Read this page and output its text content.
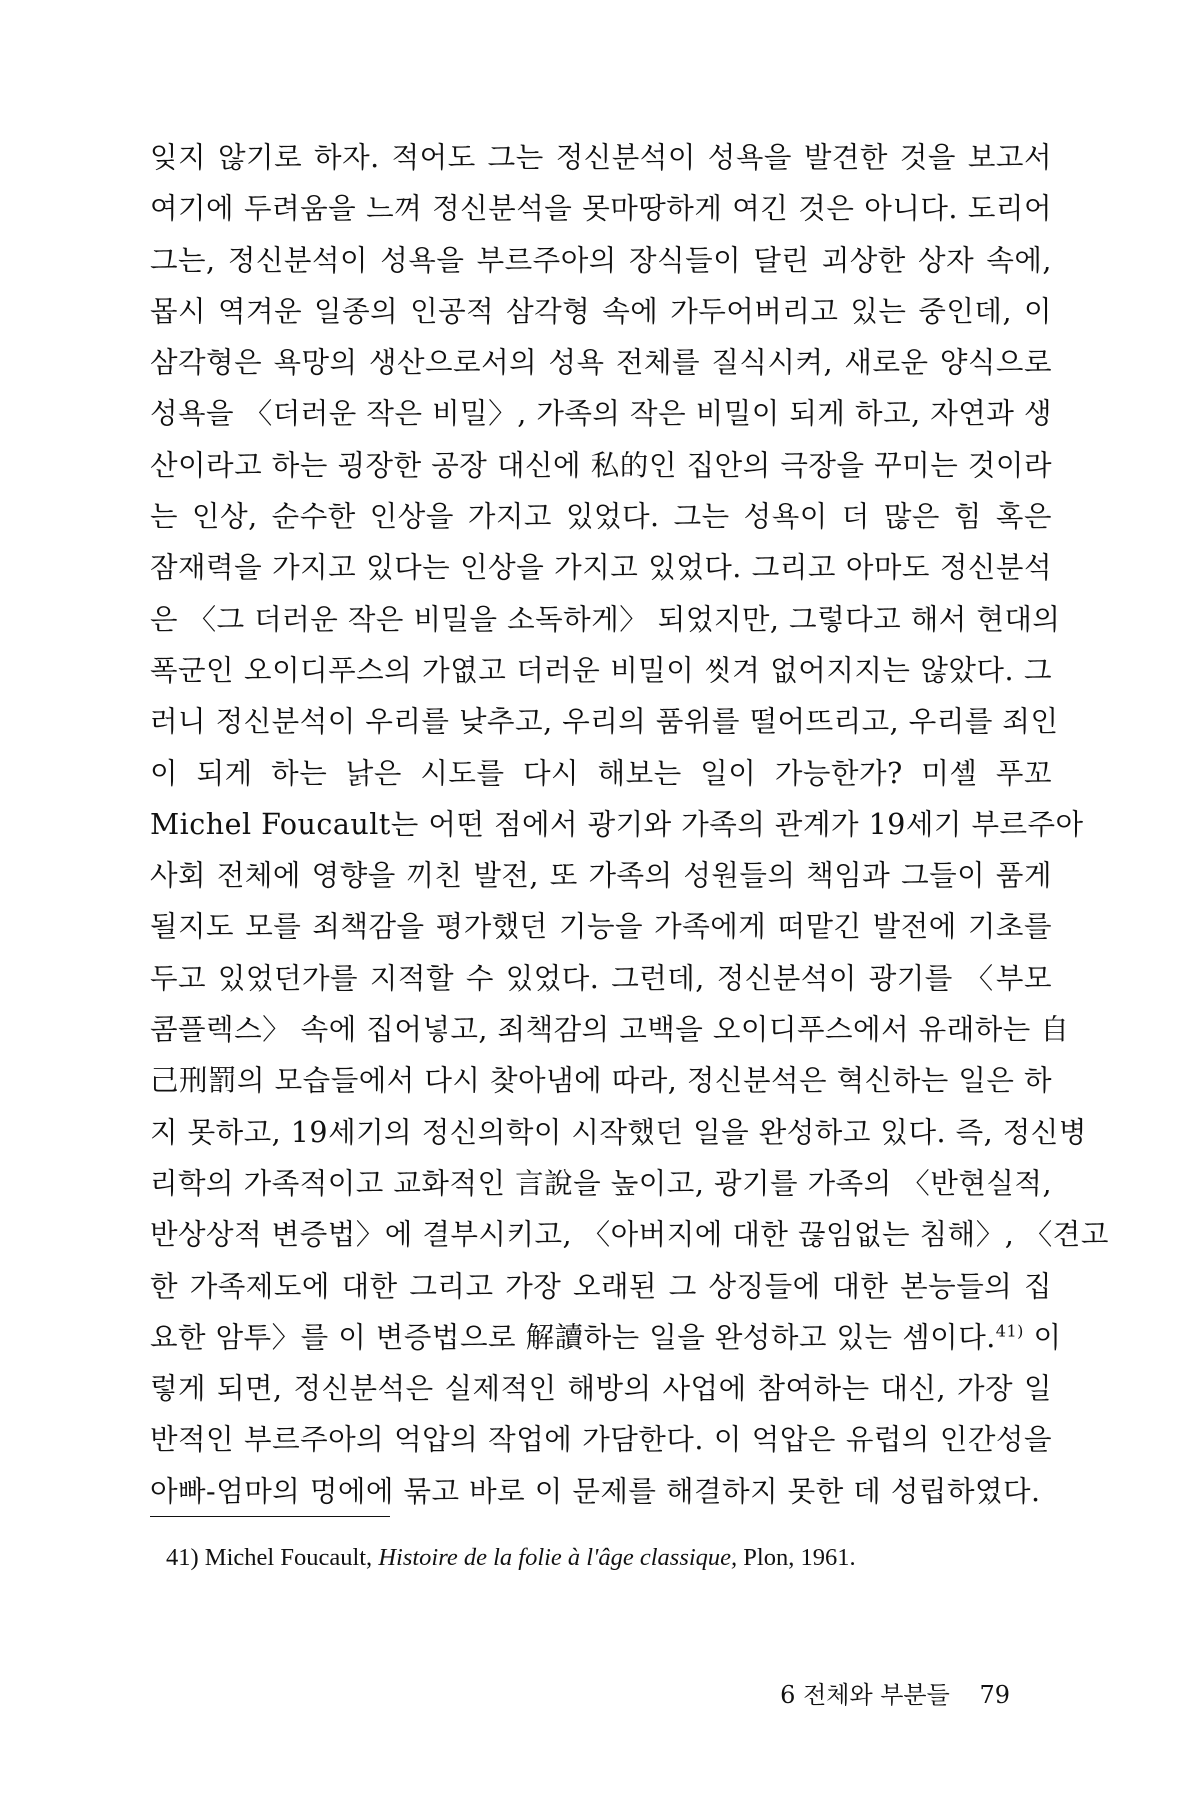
잊지 않기로 하자. 적어도 그는 정신분석이 성욕을 발견한 것을 보고서
여기에 두려움을 느껴 정신분석을 못마땅하게 여긴 것은 아니다. 도리어
그는, 정신분석이 성욕을 부르주아의 장식들이 달린 괴상한 상자 속에,
몹시 역겨운 일종의 인공적 삼각형 속에 가두어버리고 있는 중인데, 이
삼각형은 욕망의 생산으로서의 성욕 전체를 질식시켜, 새로운 양식으로
성욕을 〈더러운 작은 비밀〉, 가족의 작은 비밀이 되게 하고, 자연과 생
산이라고 하는 굉장한 공장 대신에 私的인 집안의 극장을 꾸미는 것이라
는 인상, 순수한 인상을 가지고 있었다. 그는 성욕이 더 많은 힘 혹은
잠재력을 가지고 있다는 인상을 가지고 있었다. 그리고 아마도 정신분석
은 〈그 더러운 작은 비밀을 소독하게〉 되었지만, 그렇다고 해서 현대의
폭군인 오이디푸스의 가엾고 더러운 비밀이 씻겨 없어지지는 않았다. 그
러니 정신분석이 우리를 낮추고, 우리의 품위를 떨어뜨리고, 우리를 죄인
이 되게 하는 낡은 시도를 다시 해보는 일이 가능한가? 미셸 푸꼬
Michel Foucault는 어떤 점에서 광기와 가족의 관계가 19세기 부르주아
사회 전체에 영향을 끼친 발전, 또 가족의 성원들의 책임과 그들이 품게
될지도 모를 죄책감을 평가했던 기능을 가족에게 떠맡긴 발전에 기초를
두고 있었던가를 지적할 수 있었다. 그런데, 정신분석이 광기를 〈부모
콤플렉스〉 속에 집어넣고, 죄책감의 고백을 오이디푸스에서 유래하는 自
己刑罰의 모습들에서 다시 찾아냄에 따라, 정신분석은 혁신하는 일은 하
지 못하고, 19세기의 정신의학이 시작했던 일을 완성하고 있다. 즉, 정신병
리학의 가족적이고 교화적인 言說을 높이고, 광기를 가족의 〈반현실적,
반상상적 변증법〉에 결부시키고, 〈아버지에 대한 끊임없는 침해〉, 〈견고
한 가족제도에 대한 그리고 가장 오래된 그 상징들에 대한 본능들의 집
요한 암투〉를 이 변증법으로 解讀하는 일을 완성하고 있는 셈이다.$^{41)}$ 이
렇게 되면, 정신분석은 실제적인 해방의 사업에 참여하는 대신, 가장 일
반적인 부르주아의 억압의 작업에 가담한다. 이 억압은 유럽의 인간성을
아빠-엄마의 멍에에 묶고 바로 이 문제를 해결하지 못한 데 성립하였다.
41) Michel Foucault, Histoire de la folie à l'âge classique, Plon, 1961.
6 전체와 부분들 79
